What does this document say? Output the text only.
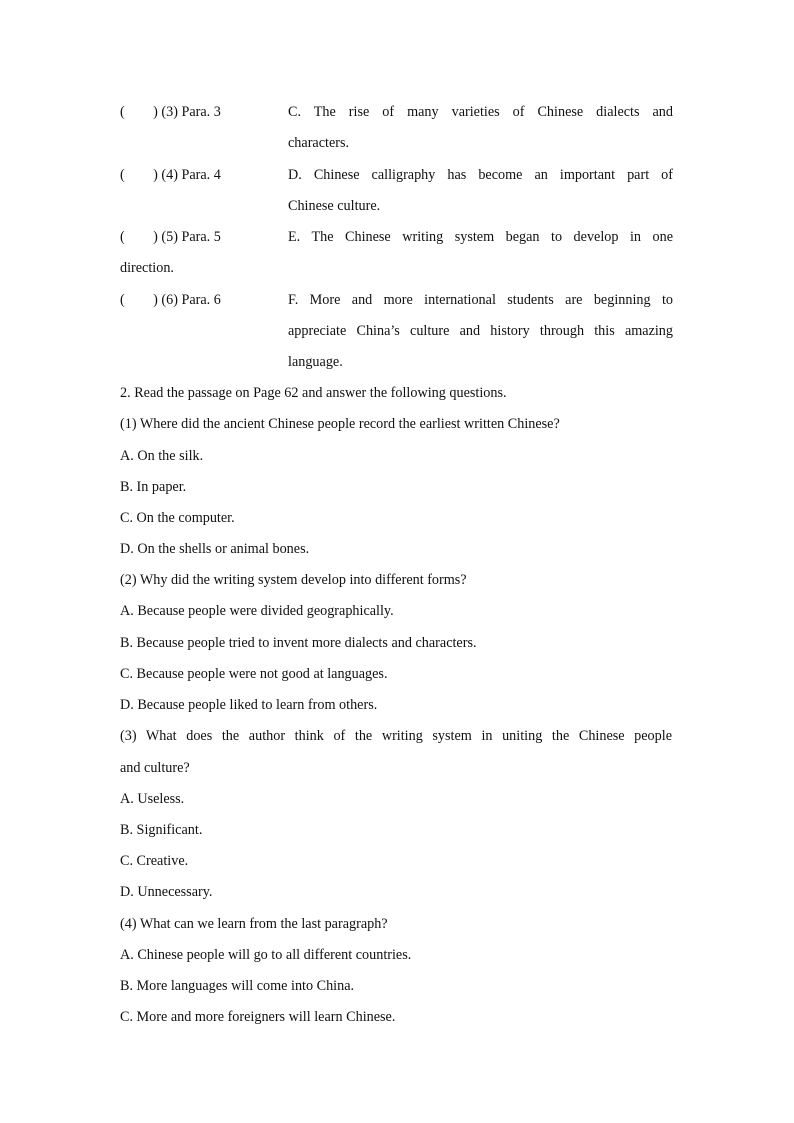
(        ) (3) Para. 3	C. The rise of many varieties of Chinese dialects and
characters.
(        ) (4) Para. 4	D. Chinese calligraphy has become an important part of
Chinese culture.
(        ) (5) Para. 5	E. The Chinese writing system began to develop in one
direction.
(        ) (6) Para. 6	F. More and more international students are beginning to
appreciate China’s culture and history through this amazing
language.
2. Read the passage on Page 62 and answer the following questions.
(1) Where did the ancient Chinese people record the earliest written Chinese?
A. On the silk.
B. In paper.
C. On the computer.
D. On the shells or animal bones.
(2) Why did the writing system develop into different forms?
A. Because people were divided geographically.
B. Because people tried to invent more dialects and characters.
C. Because people were not good at languages.
D. Because people liked to learn from others.
(3) What does the author think of the writing system in uniting the Chinese people
and culture?
A. Useless.
B. Significant.
C. Creative.
D. Unnecessary.
(4) What can we learn from the last paragraph?
A. Chinese people will go to all different countries.
B. More languages will come into China.
C. More and more foreigners will learn Chinese.
